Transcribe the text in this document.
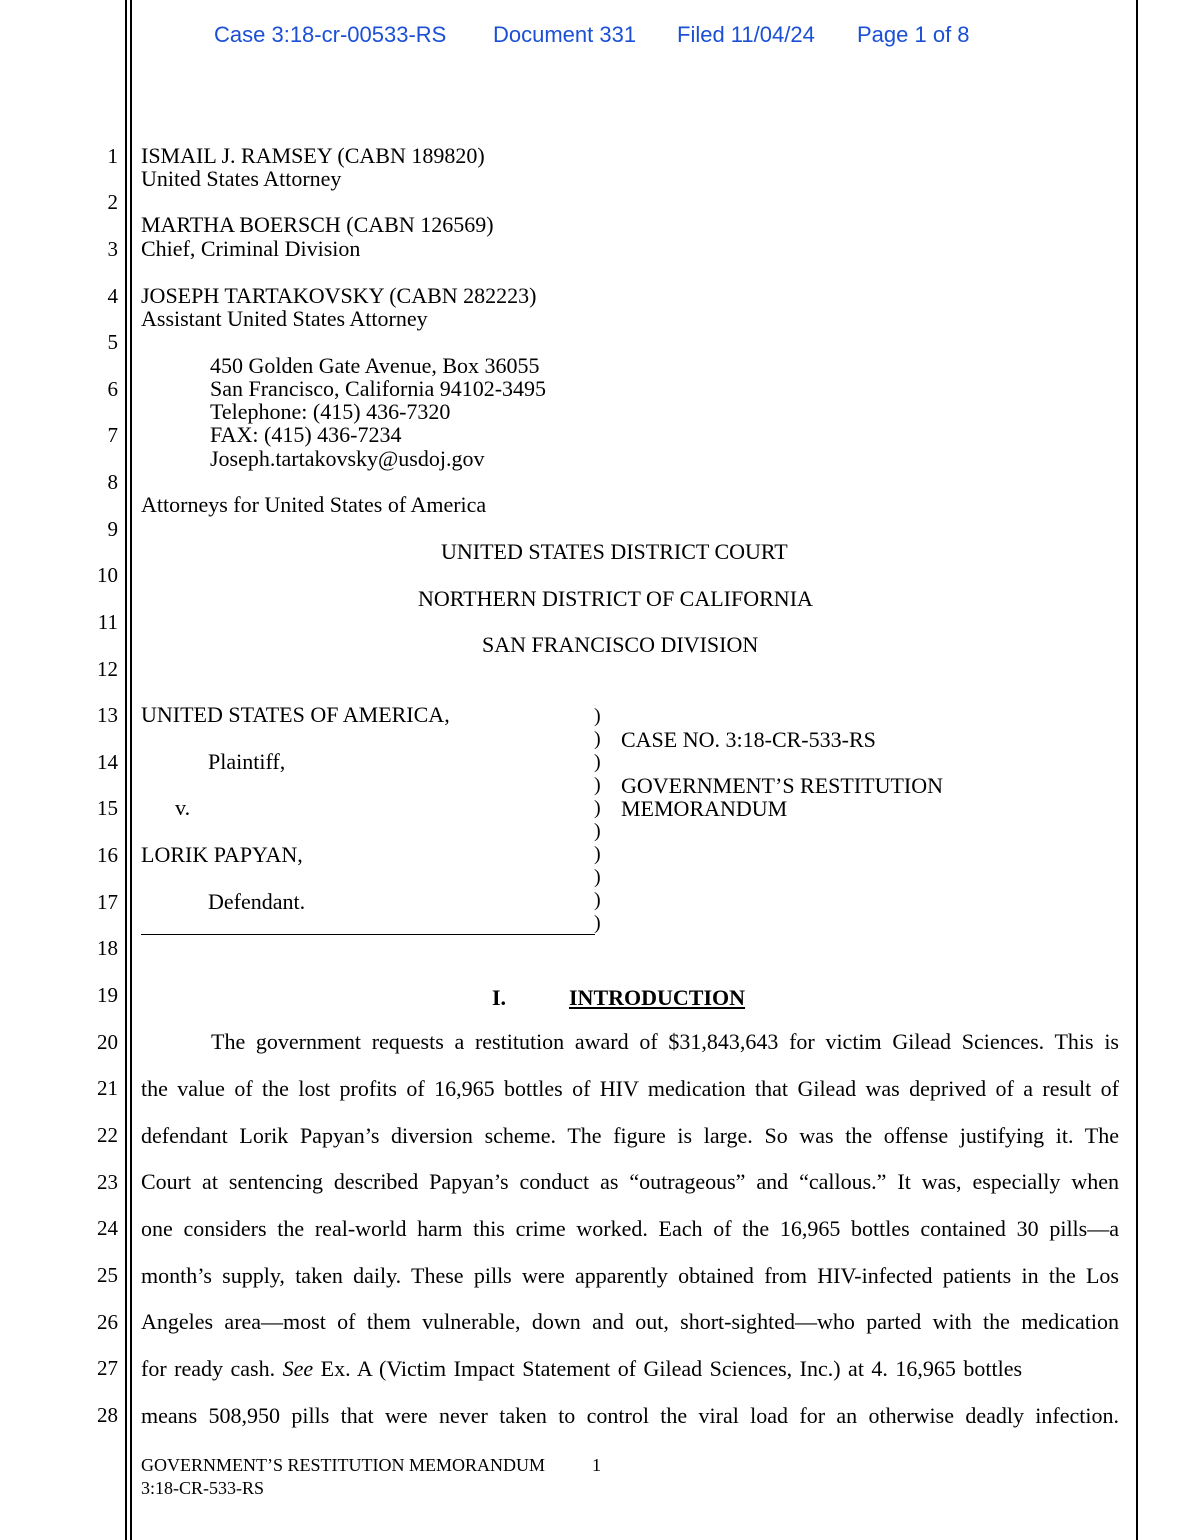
Case 3:18-cr-00533-RS Document 331 Filed 11/04/24 Page 1 of 8
1
2
3
4
5
6
7
8
9
10
11
12
13
14
15
16
17
18
19
20
21
22
23
24
25
26
27
28
ISMAIL J. RAMSEY (CABN 189820)
United States Attorney
MARTHA BOERSCH (CABN 126569)
Chief, Criminal Division
JOSEPH TARTAKOVSKY (CABN 282223)
Assistant United States Attorney
450 Golden Gate Avenue, Box 36055
San Francisco, California 94102-3495
Telephone: (415) 436-7320
FAX: (415) 436-7234
Joseph.tartakovsky@usdoj.gov
Attorneys for United States of America
UNITED STATES DISTRICT COURT
NORTHERN DISTRICT OF CALIFORNIA
SAN FRANCISCO DIVISION
UNITED STATES OF AMERICA,
Plaintiff,
v.
LORIK PAPYAN,
Defendant.
)
)
)
)
)
)
)
)
)
)
CASE NO. 3:18-CR-533-RS
GOVERNMENT’S RESTITUTION
MEMORANDUM
I.	INTRODUCTION
The government requests a restitution award of $31,843,643 for victim Gilead Sciences. This is
the value of the lost profits of 16,965 bottles of HIV medication that Gilead was deprived of a result of
defendant Lorik Papyan’s diversion scheme. The figure is large. So was the offense justifying it. The
Court at sentencing described Papyan’s conduct as “outrageous” and “callous.” It was, especially when
one considers the real-world harm this crime worked. Each of the 16,965 bottles contained 30 pills—a
month’s supply, taken daily. These pills were apparently obtained from HIV-infected patients in the Los
Angeles area—most of them vulnerable, down and out, short-sighted—who parted with the medication
for ready cash. See Ex. A (Victim Impact Statement of Gilead Sciences, Inc.) at 4. 16,965 bottles
means 508,950 pills that were never taken to control the viral load for an otherwise deadly infection.
GOVERNMENT’S RESTITUTION MEMORANDUM	1
3:18-CR-533-RS
